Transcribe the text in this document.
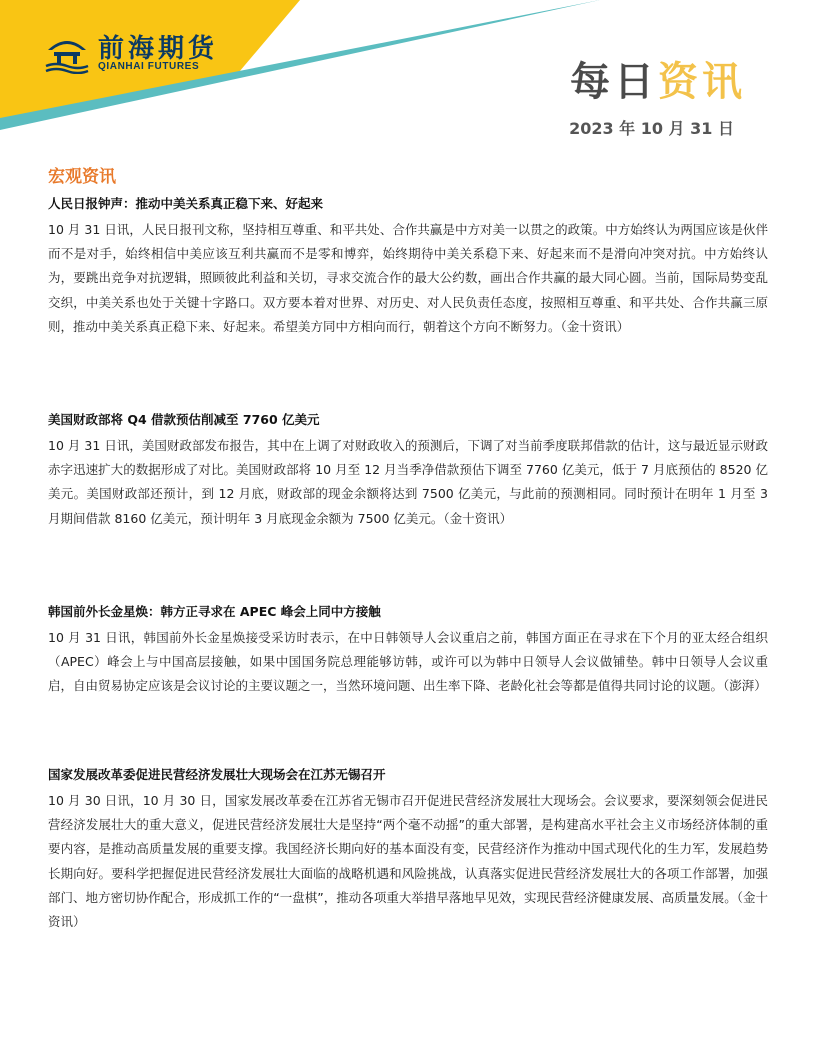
前海期货
QIANHAI FUTURES	每日资讯
2023 年 10 月 31 日
宏观资讯
人民日报钟声：推动中美关系真正稳下来、好起来
10 月 31 日讯，人民日报刊文称，坚持相互尊重、和平共处、合作共赢是中方对美一以贯之的政策。中方始终认为两国应该是伙伴而不是对手，始终相信中美应该互利共赢而不是零和博弈，始终期待中美关系稳下来、好起来而不是滑向冲突对抗。中方始终认为，要跳出竞争对抗逻辑，照顾彼此利益和关切，寻求交流合作的最大公约数，画出合作共赢的最大同心圆。当前，国际局势变乱交织，中美关系也处于关键十字路口。双方要本着对世界、对历史、对人民负责任态度，按照相互尊重、和平共处、合作共赢三原则，推动中美关系真正稳下来、好起来。希望美方同中方相向而行，朝着这个方向不断努力。（金十资讯）
美国财政部将 Q4 借款预估削减至 7760 亿美元
10 月 31 日讯，美国财政部发布报告，其中在上调了对财政收入的预测后，下调了对当前季度联邦借款的估计，这与最近显示财政赤字迅速扩大的数据形成了对比。美国财政部将 10 月至 12 月当季净借款预估下调至 7760 亿美元，低于 7 月底预估的 8520 亿美元。美国财政部还预计，到 12 月底，财政部的现金余额将达到 7500 亿美元，与此前的预测相同。同时预计在明年 1 月至 3 月期间借款 8160 亿美元，预计明年 3 月底现金余额为 7500 亿美元。（金十资讯）
韩国前外长金星焕：韩方正寻求在 APEC 峰会上同中方接触
10 月 31 日讯，韩国前外长金星焕接受采访时表示，在中日韩领导人会议重启之前，韩国方面正在寻求在下个月的亚太经合组织（APEC）峰会上与中国高层接触，如果中国国务院总理能够访韩，或许可以为韩中日领导人会议做铺垫。韩中日领导人会议重启，自由贸易协定应该是会议讨论的主要议题之一，当然环境问题、出生率下降、老龄化社会等都是值得共同讨论的议题。（澎湃）
国家发展改革委促进民营经济发展壮大现场会在江苏无锡召开
10 月 30 日讯，10 月 30 日，国家发展改革委在江苏省无锡市召开促进民营经济发展壮大现场会。会议要求，要深刻领会促进民营经济发展壮大的重大意义，促进民营经济发展壮大是坚持“两个毫不动摇”的重大部署，是构建高水平社会主义市场经济体制的重要内容，是推动高质量发展的重要支撑。我国经济长期向好的基本面没有变，民营经济作为推动中国式现代化的生力军，发展趋势长期向好。要科学把握促进民营经济发展壮大面临的战略机遇和风险挑战，认真落实促进民营经济发展壮大的各项工作部署，加强部门、地方密切协作配合，形成抓工作的“一盘棋”，推动各项重大举措早落地早见效，实现民营经济健康发展、高质量发展。（金十资讯）
